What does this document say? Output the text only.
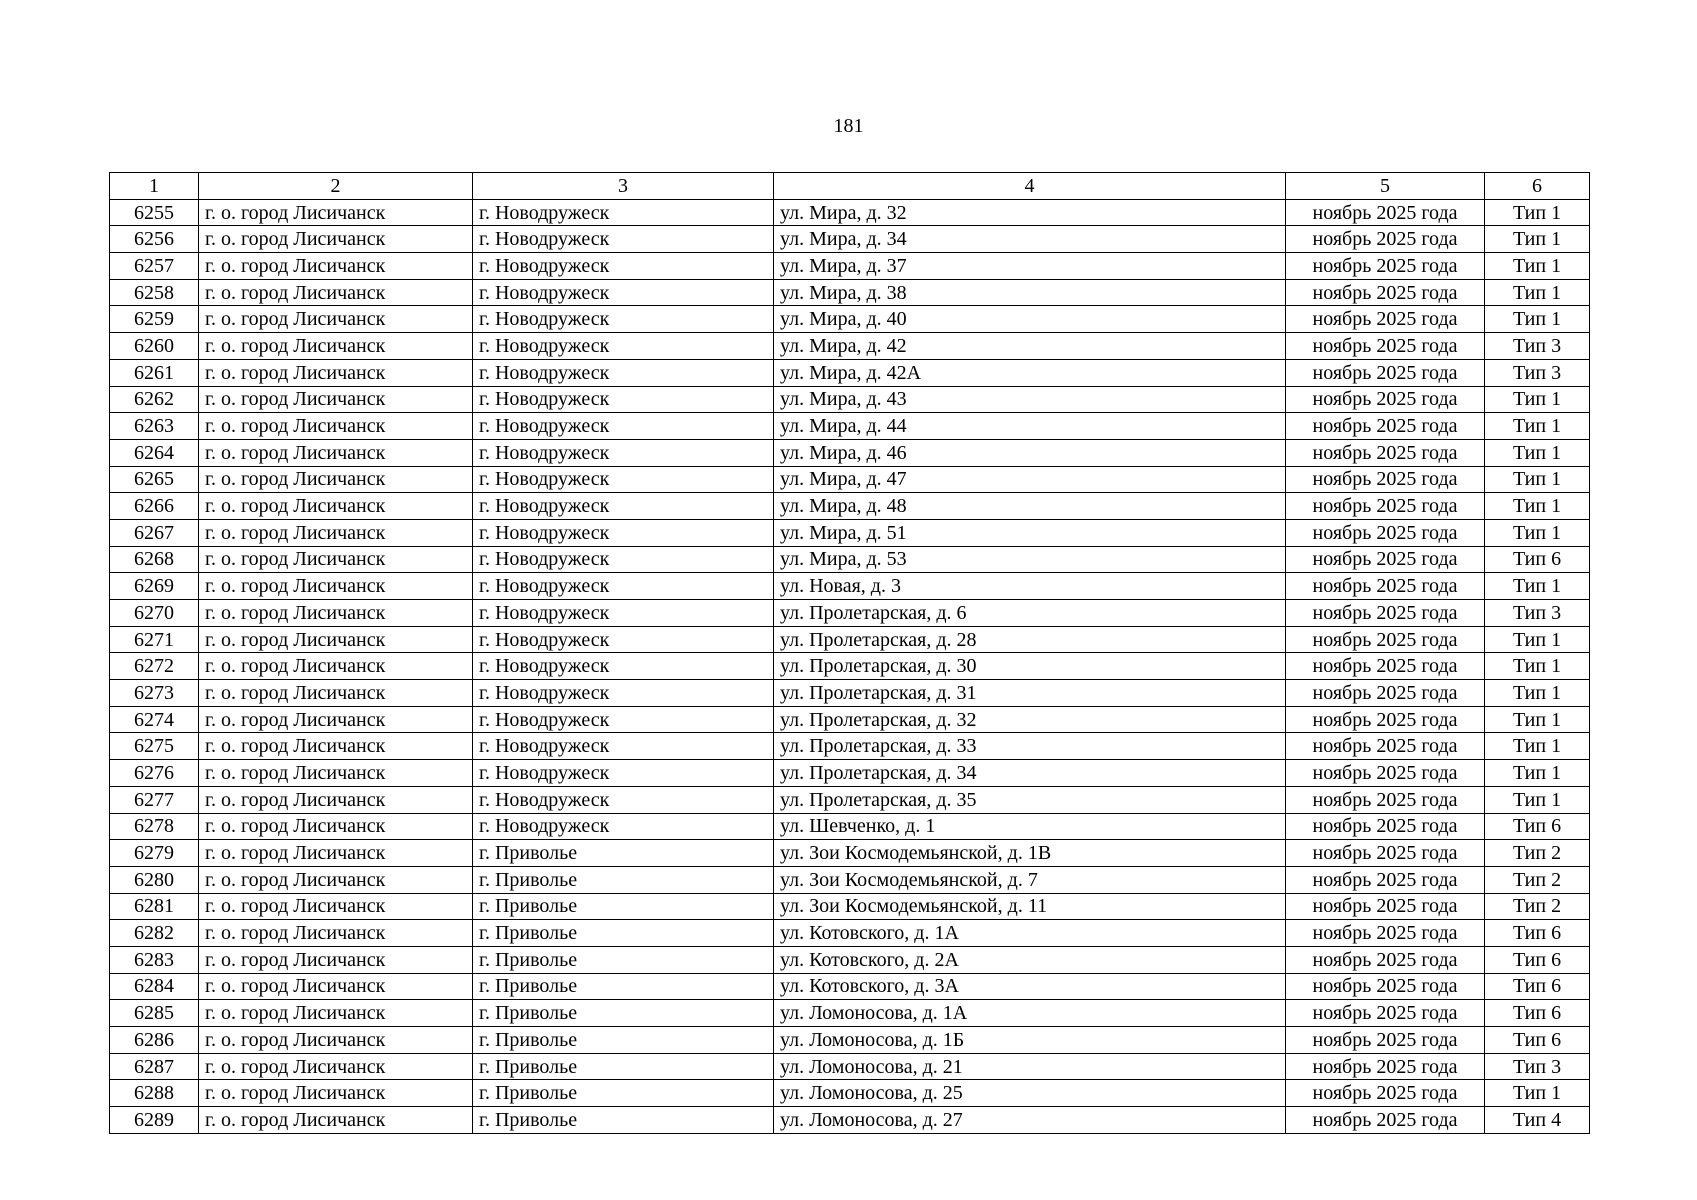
181
1	2	3	4	5	6
6255	г. о. город Лисичанск	г. Новодружеск	ул. Мира, д. 32	ноябрь 2025 года	Тип 1
6256	г. о. город Лисичанск	г. Новодружеск	ул. Мира, д. 34	ноябрь 2025 года	Тип 1
6257	г. о. город Лисичанск	г. Новодружеск	ул. Мира, д. 37	ноябрь 2025 года	Тип 1
6258	г. о. город Лисичанск	г. Новодружеск	ул. Мира, д. 38	ноябрь 2025 года	Тип 1
6259	г. о. город Лисичанск	г. Новодружеск	ул. Мира, д. 40	ноябрь 2025 года	Тип 1
6260	г. о. город Лисичанск	г. Новодружеск	ул. Мира, д. 42	ноябрь 2025 года	Тип 3
6261	г. о. город Лисичанск	г. Новодружеск	ул. Мира, д. 42А	ноябрь 2025 года	Тип 3
6262	г. о. город Лисичанск	г. Новодружеск	ул. Мира, д. 43	ноябрь 2025 года	Тип 1
6263	г. о. город Лисичанск	г. Новодружеск	ул. Мира, д. 44	ноябрь 2025 года	Тип 1
6264	г. о. город Лисичанск	г. Новодружеск	ул. Мира, д. 46	ноябрь 2025 года	Тип 1
6265	г. о. город Лисичанск	г. Новодружеск	ул. Мира, д. 47	ноябрь 2025 года	Тип 1
6266	г. о. город Лисичанск	г. Новодружеск	ул. Мира, д. 48	ноябрь 2025 года	Тип 1
6267	г. о. город Лисичанск	г. Новодружеск	ул. Мира, д. 51	ноябрь 2025 года	Тип 1
6268	г. о. город Лисичанск	г. Новодружеск	ул. Мира, д. 53	ноябрь 2025 года	Тип 6
6269	г. о. город Лисичанск	г. Новодружеск	ул. Новая, д. 3	ноябрь 2025 года	Тип 1
6270	г. о. город Лисичанск	г. Новодружеск	ул. Пролетарская, д. 6	ноябрь 2025 года	Тип 3
6271	г. о. город Лисичанск	г. Новодружеск	ул. Пролетарская, д. 28	ноябрь 2025 года	Тип 1
6272	г. о. город Лисичанск	г. Новодружеск	ул. Пролетарская, д. 30	ноябрь 2025 года	Тип 1
6273	г. о. город Лисичанск	г. Новодружеск	ул. Пролетарская, д. 31	ноябрь 2025 года	Тип 1
6274	г. о. город Лисичанск	г. Новодружеск	ул. Пролетарская, д. 32	ноябрь 2025 года	Тип 1
6275	г. о. город Лисичанск	г. Новодружеск	ул. Пролетарская, д. 33	ноябрь 2025 года	Тип 1
6276	г. о. город Лисичанск	г. Новодружеск	ул. Пролетарская, д. 34	ноябрь 2025 года	Тип 1
6277	г. о. город Лисичанск	г. Новодружеск	ул. Пролетарская, д. 35	ноябрь 2025 года	Тип 1
6278	г. о. город Лисичанск	г. Новодружеск	ул. Шевченко, д. 1	ноябрь 2025 года	Тип 6
6279	г. о. город Лисичанск	г. Приволье	ул. Зои Космодемьянской, д. 1В	ноябрь 2025 года	Тип 2
6280	г. о. город Лисичанск	г. Приволье	ул. Зои Космодемьянской, д. 7	ноябрь 2025 года	Тип 2
6281	г. о. город Лисичанск	г. Приволье	ул. Зои Космодемьянской, д. 11	ноябрь 2025 года	Тип 2
6282	г. о. город Лисичанск	г. Приволье	ул. Котовского, д. 1А	ноябрь 2025 года	Тип 6
6283	г. о. город Лисичанск	г. Приволье	ул. Котовского, д. 2А	ноябрь 2025 года	Тип 6
6284	г. о. город Лисичанск	г. Приволье	ул. Котовского, д. 3А	ноябрь 2025 года	Тип 6
6285	г. о. город Лисичанск	г. Приволье	ул. Ломоносова, д. 1А	ноябрь 2025 года	Тип 6
6286	г. о. город Лисичанск	г. Приволье	ул. Ломоносова, д. 1Б	ноябрь 2025 года	Тип 6
6287	г. о. город Лисичанск	г. Приволье	ул. Ломоносова, д. 21	ноябрь 2025 года	Тип 3
6288	г. о. город Лисичанск	г. Приволье	ул. Ломоносова, д. 25	ноябрь 2025 года	Тип 1
6289	г. о. город Лисичанск	г. Приволье	ул. Ломоносова, д. 27	ноябрь 2025 года	Тип 4
